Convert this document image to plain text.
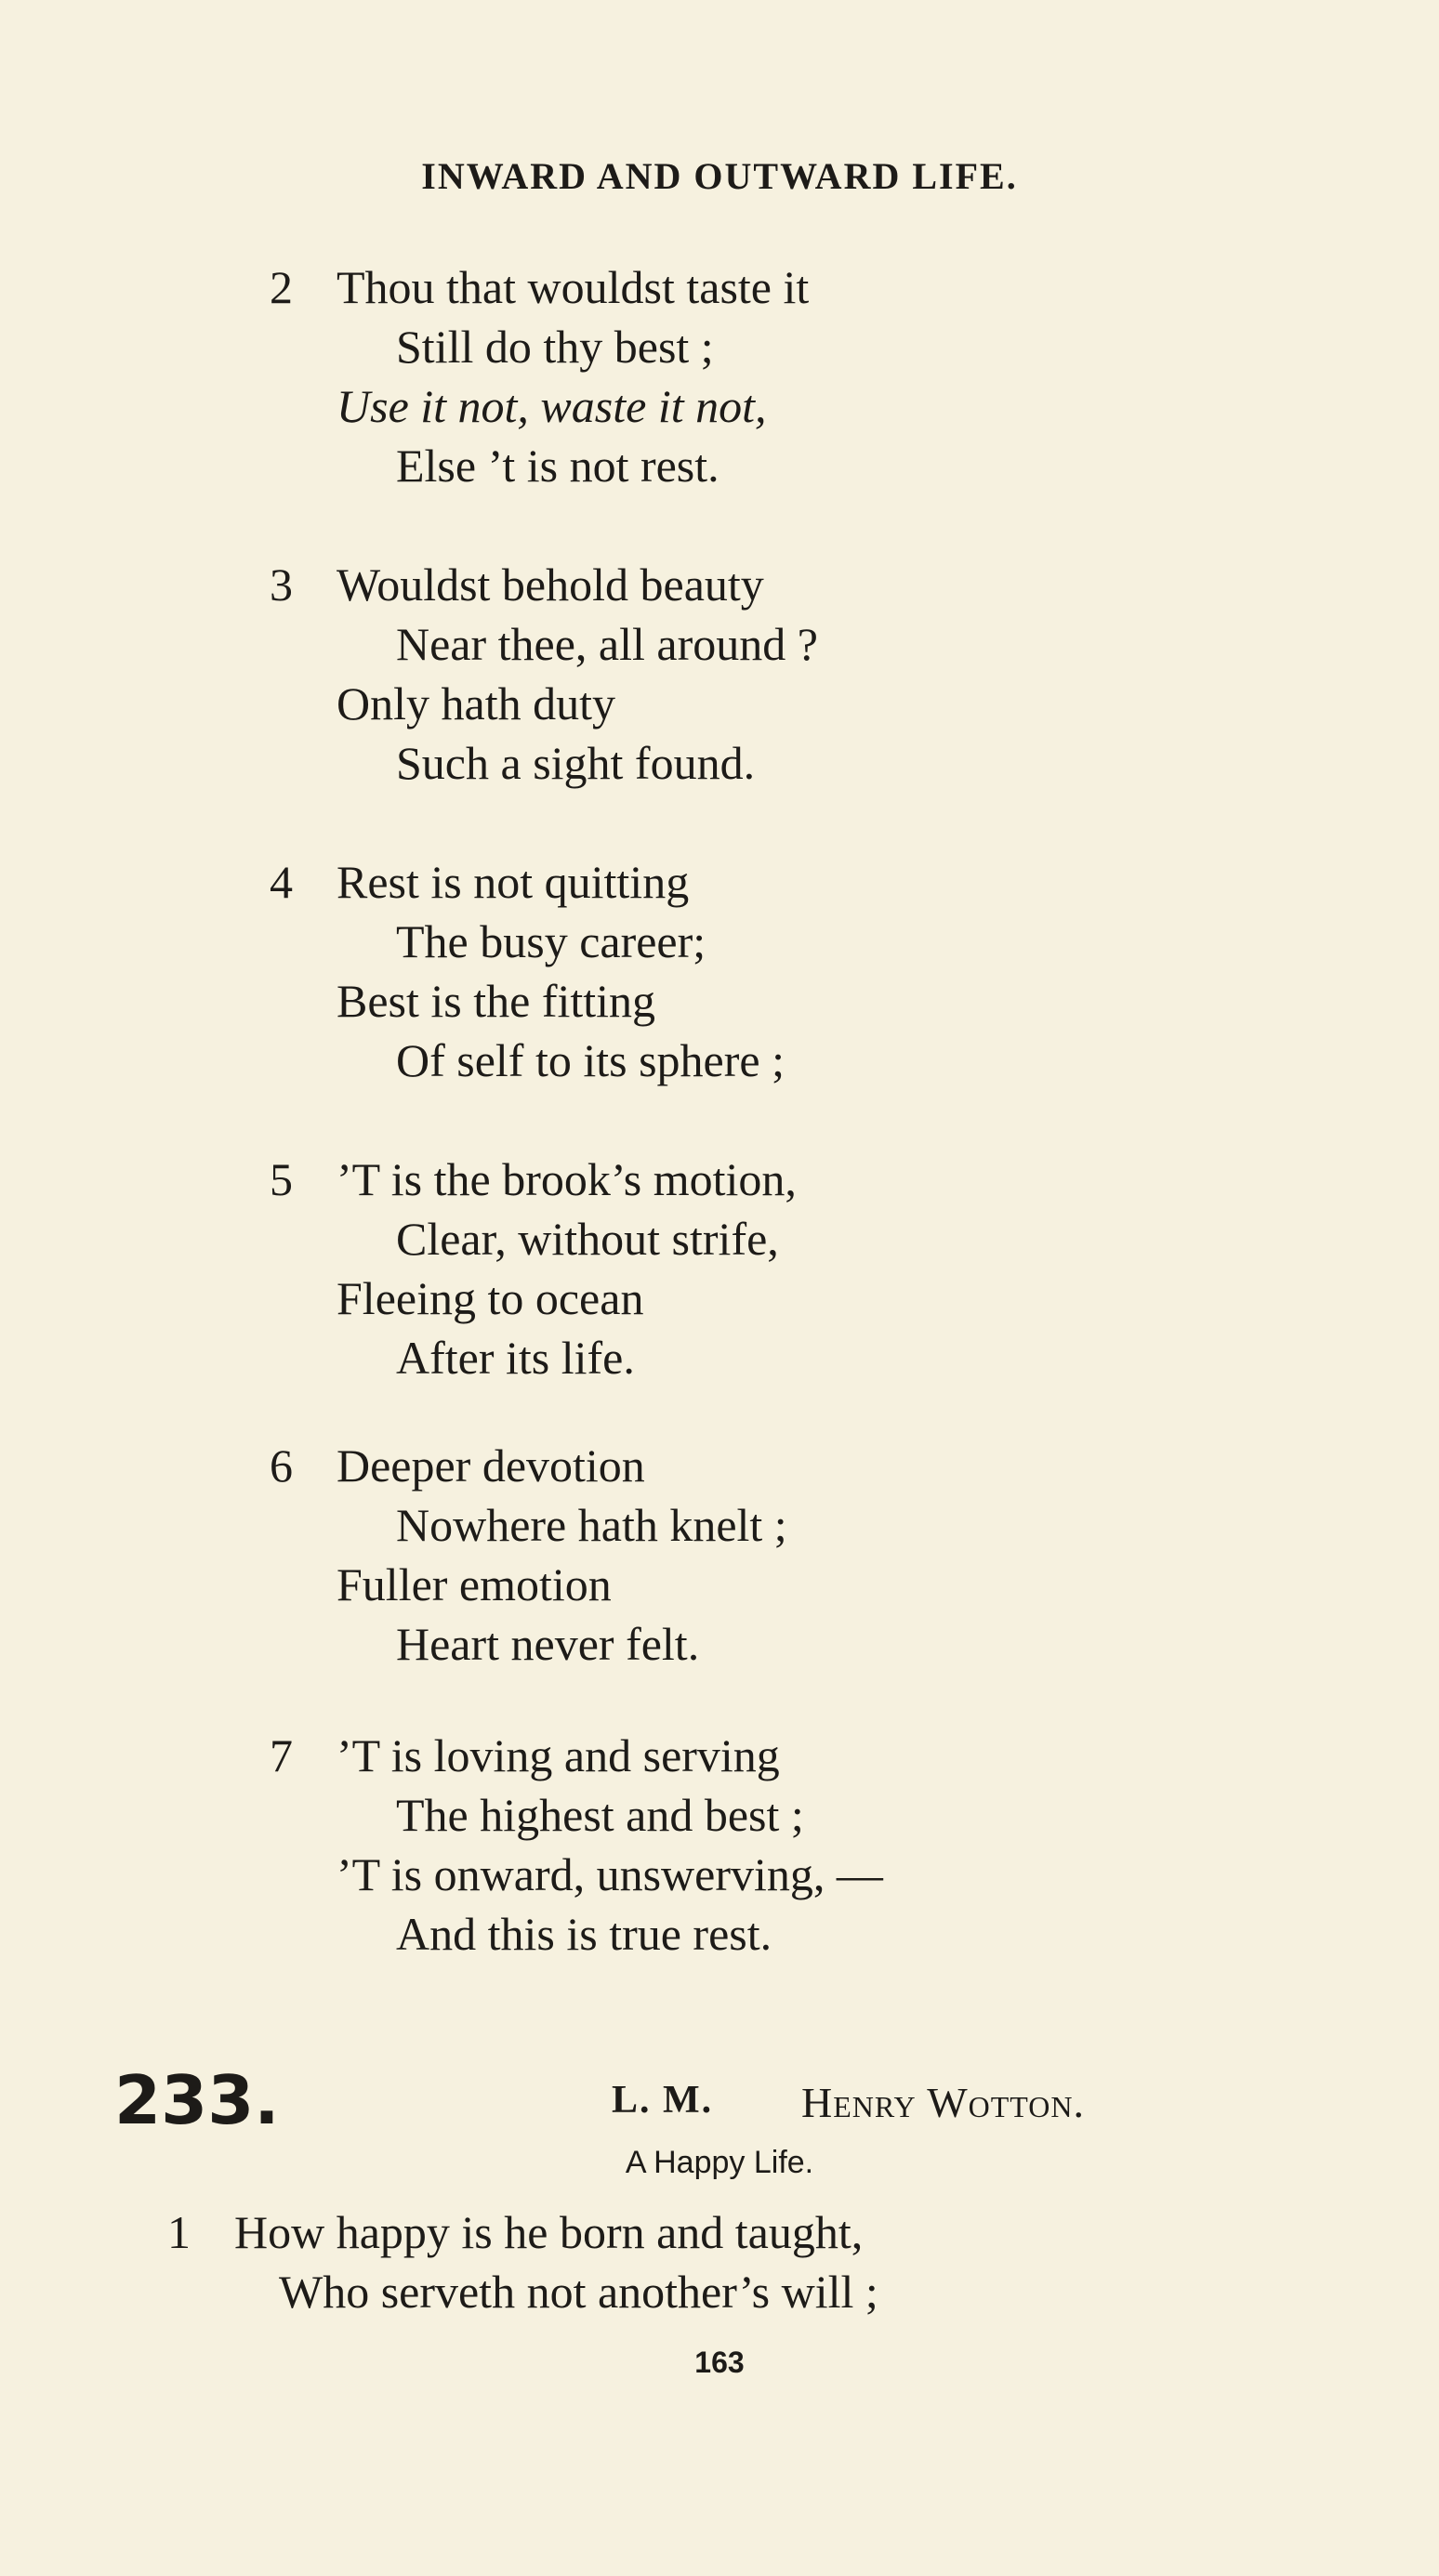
INWARD AND OUTWARD LIFE.
2 Thou that wouldst taste it
Still do thy best ;
Use it not, waste it not,
Else ’t is not rest.
3 Wouldst behold beauty
Near thee, all around ?
Only hath duty
Such a sight found.
4 Rest is not quitting
The busy career;
Best is the fitting
Of self to its sphere ;
5 ’T is the brook’s motion,
Clear, without strife,
Fleeing to ocean
After its life.
6 Deeper devotion
Nowhere hath knelt ;
Fuller emotion
Heart never felt.
7 ’T is loving and serving
The highest and best ;
’T is onward, unswerving, —
And this is true rest.
233.	L. M. Henry Wotton.
A Happy Life.
1 How happy is he born and taught,
Who serveth not another’s will ;
163
